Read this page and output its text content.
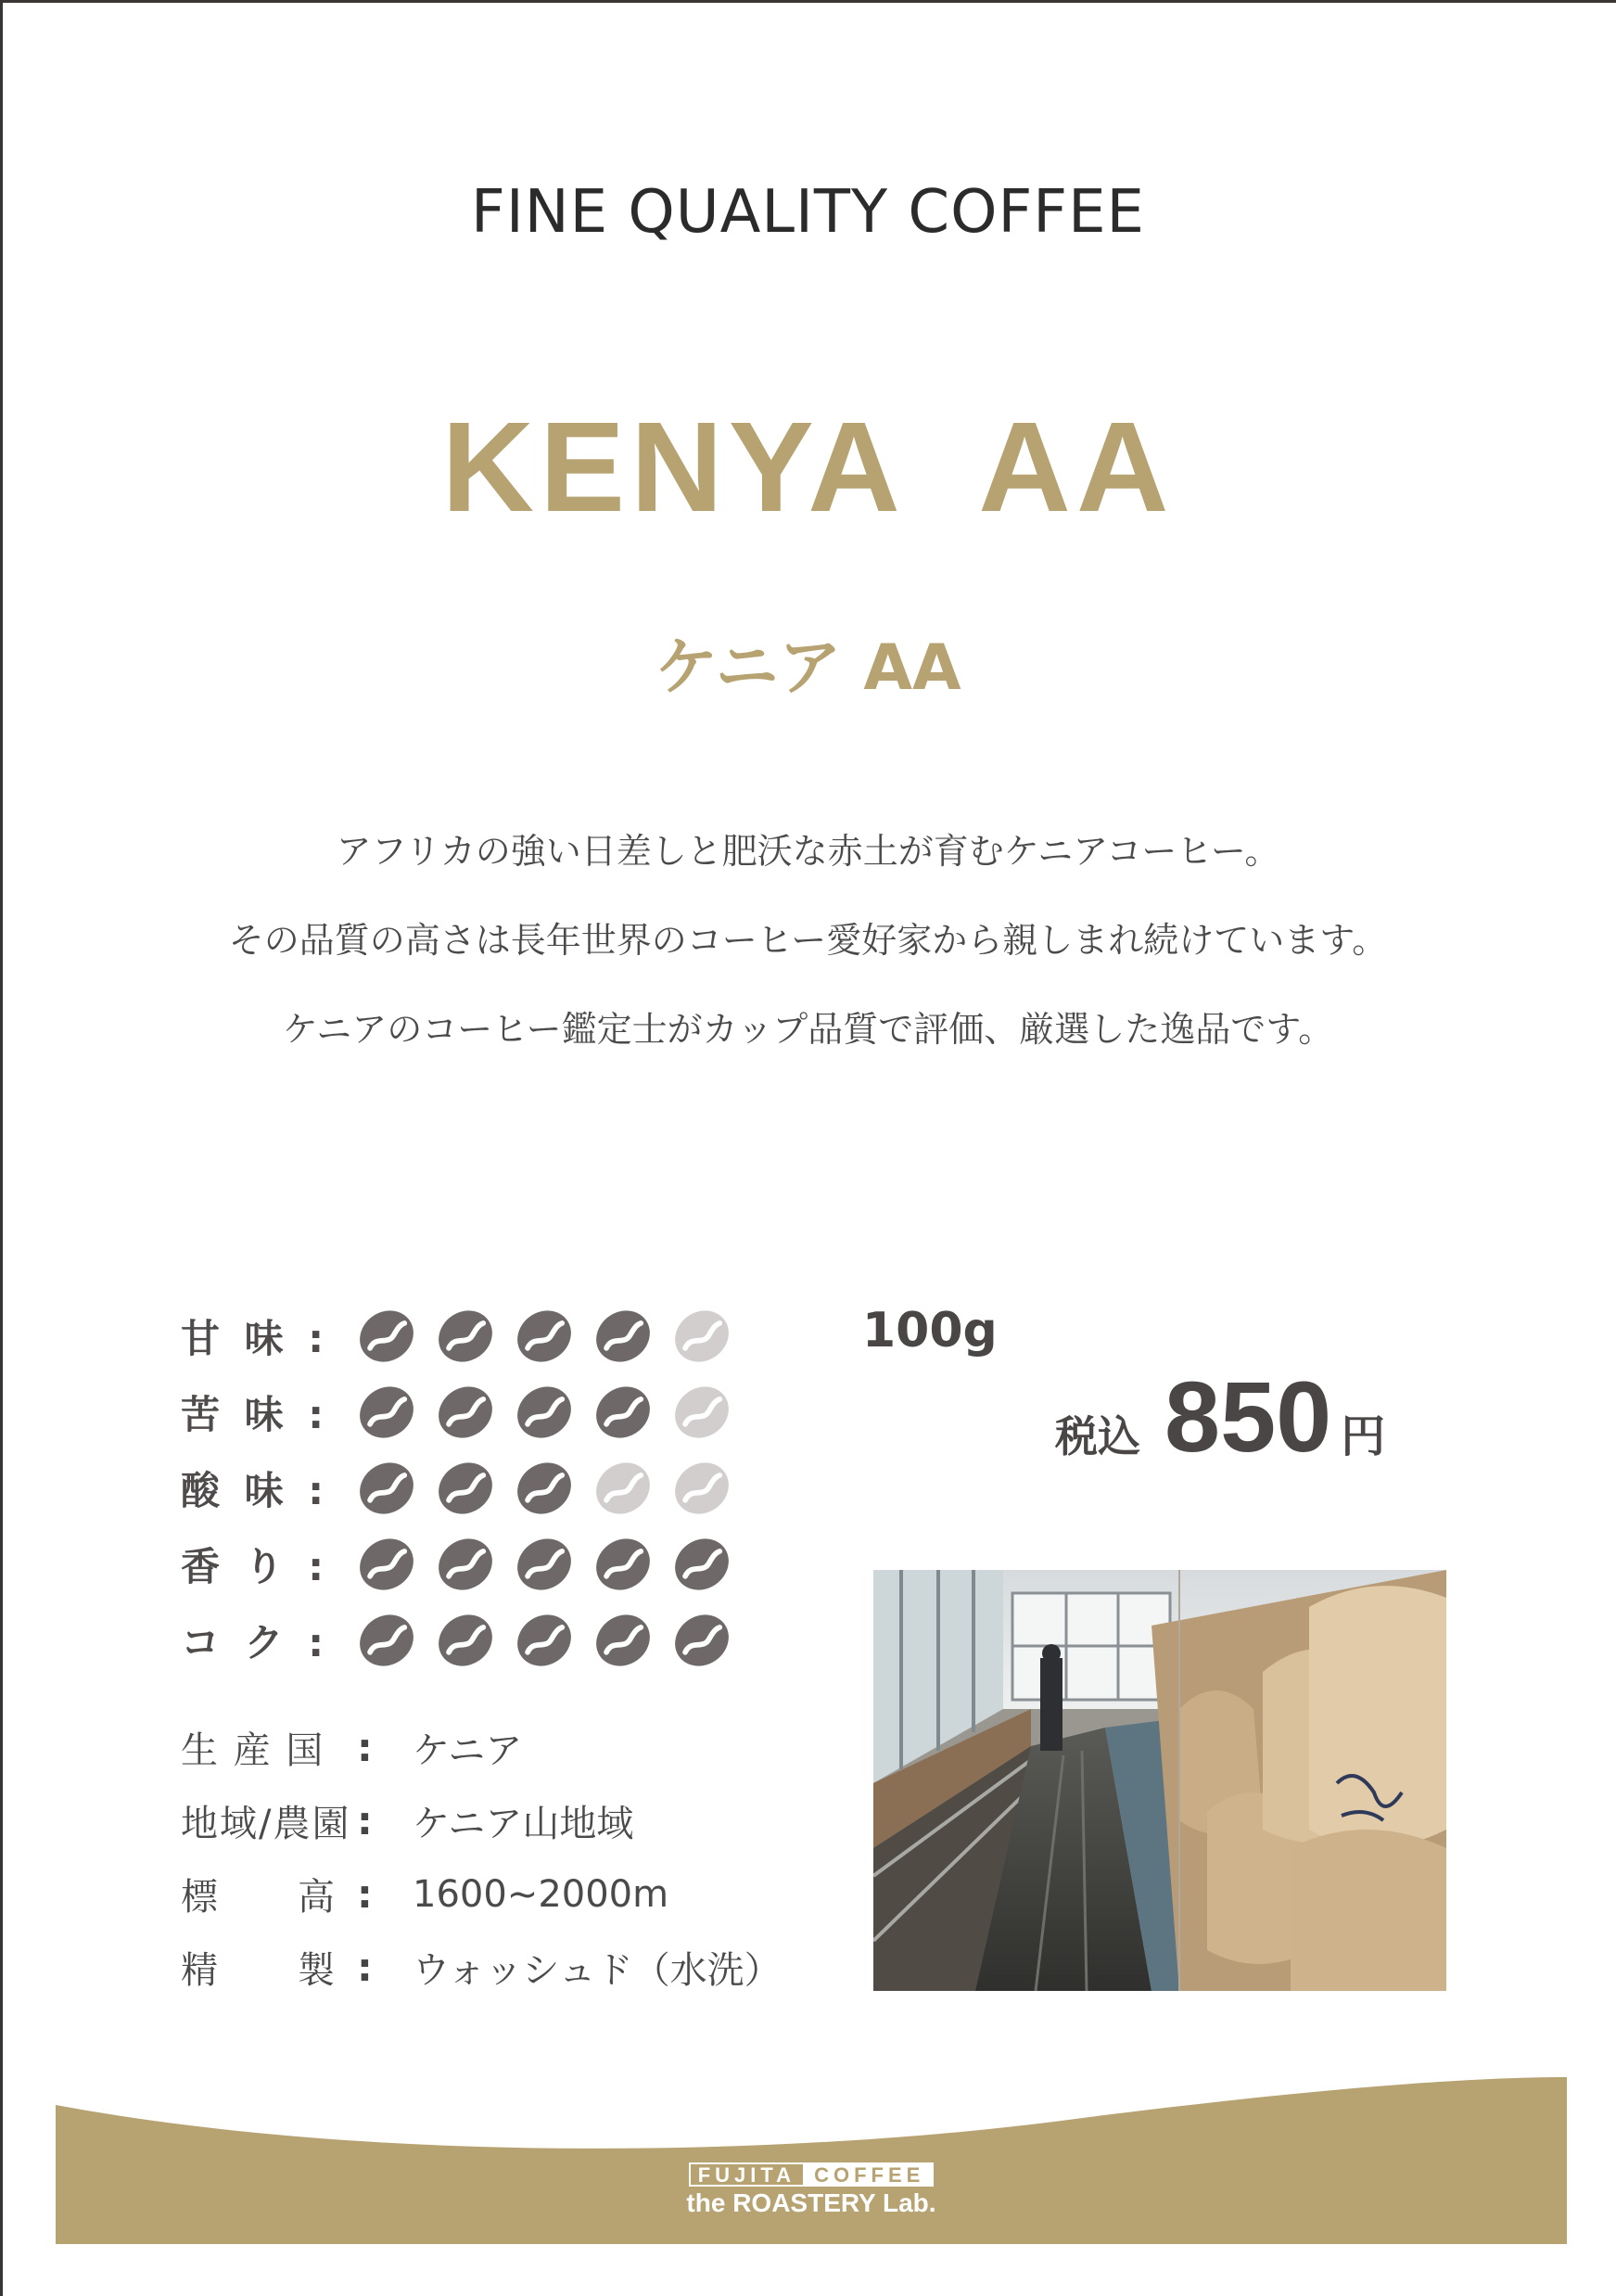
FINE QUALITY COFFEE
KENYA  AA
ケニア AA
アフリカの強い日差しと肥沃な赤土が育むケニアコーヒー。
その品質の高さは長年世界のコーヒー愛好家から親しまれ続けています。
ケニアのコーヒー鑑定士がカップ品質で評価、厳選した逸品です。
甘 味 :
苦 味 :
酸 味 :
香 り :
コ ク :
生 産 国 :	ケニア
地域/農園 :	ケニア山地域
標　　高 :	1600~2000m
精　　製 :	ウォッシュド（水洗）
100g
税込 850 円
FUJITA COFFEE
the ROASTERY Lab.
